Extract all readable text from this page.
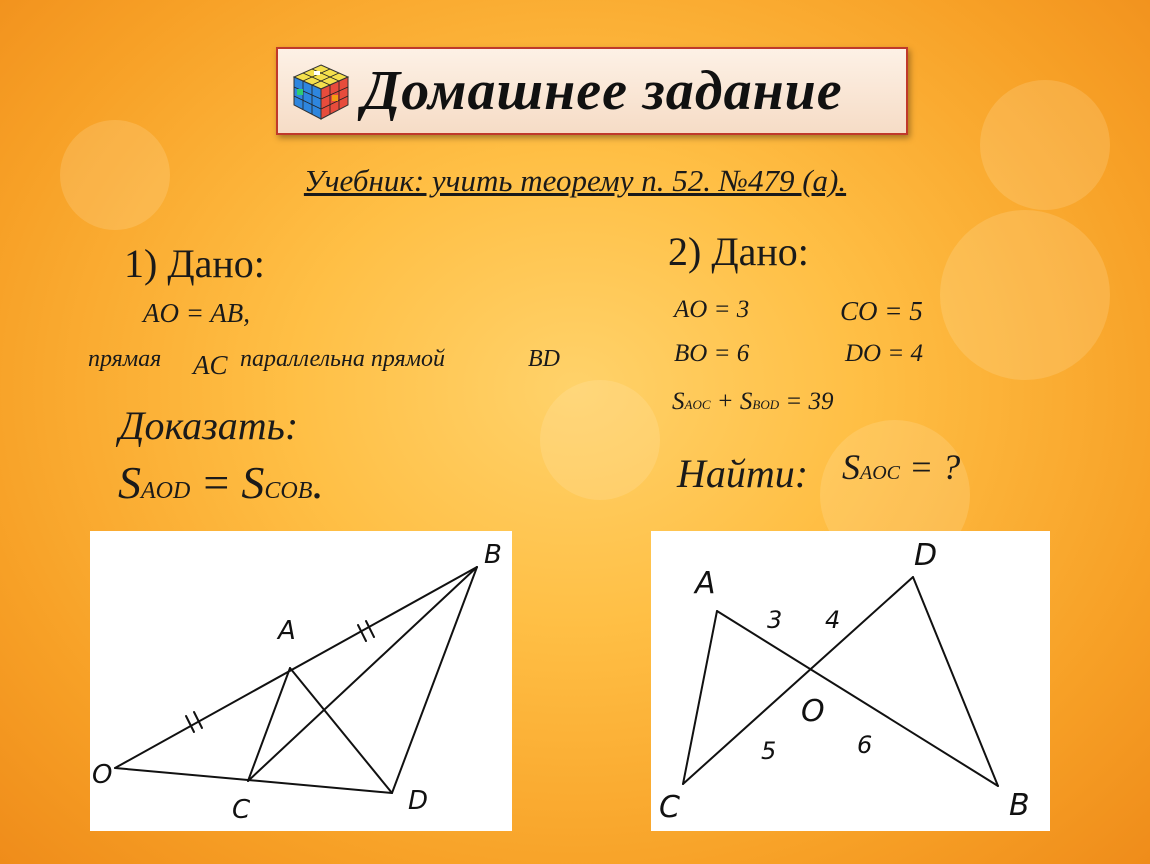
Домашнее задание
Учебник: учить теорему п. 52. №479 (а).
1) Дано:
AO = AB,
прямая AC параллельна прямой	BD
Доказать:
SAOD = SCOB.
2) Дано:
AO = 3	CO = 5
BO = 6	DO = 4
SAOC + SBOD = 39
Найти: SAOC = ?
O
A
B
C	D
A
D
O
C	B
3 4
5	6
